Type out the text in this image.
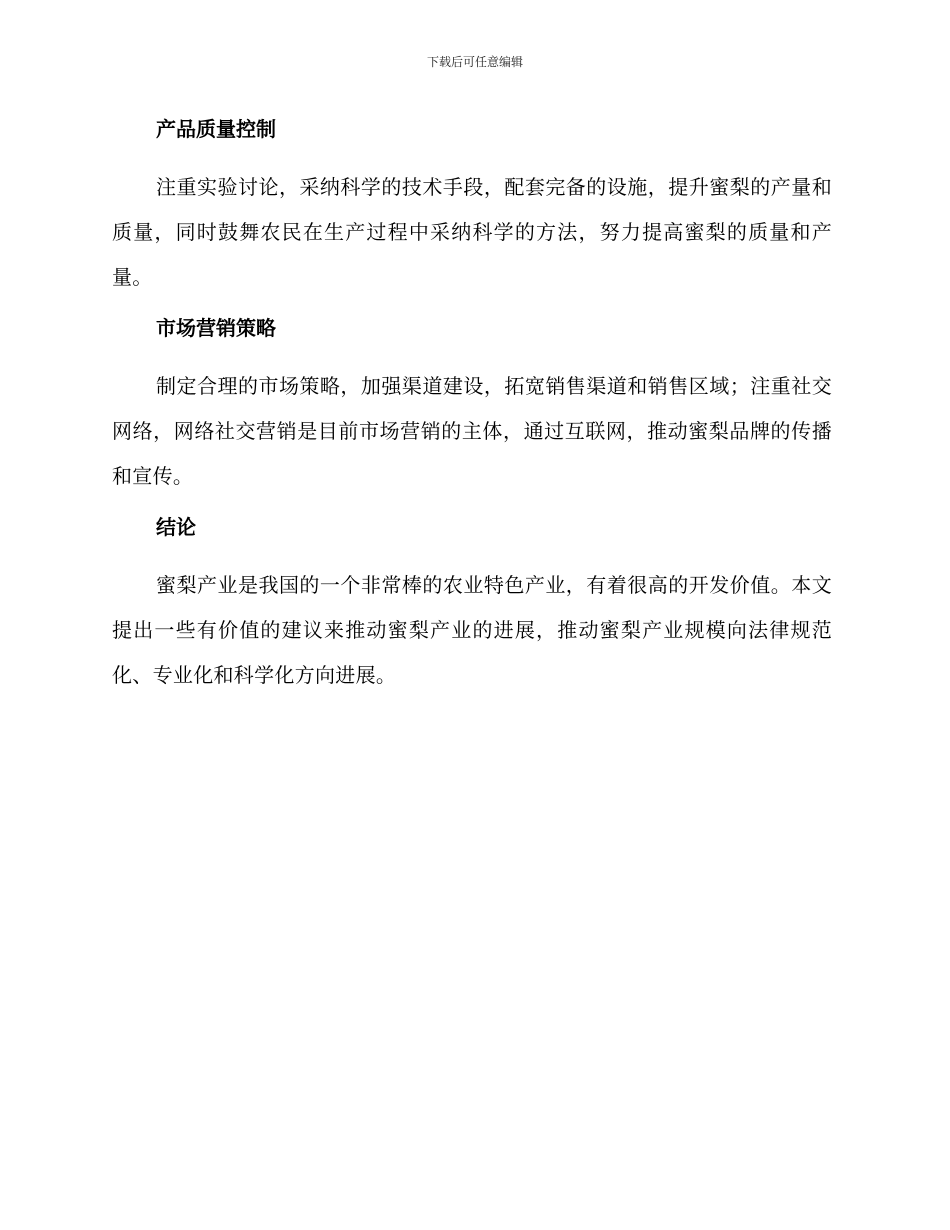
下载后可任意编辑
产品质量控制

注重实验讨论，采纳科学的技术手段，配套完备的设施，提升蜜梨的产量和质量，同时鼓舞农民在生产过程中采纳科学的方法，努力提高蜜梨的质量和产量。

市场营销策略

制定合理的市场策略，加强渠道建设，拓宽销售渠道和销售区域；注重社交网络，网络社交营销是目前市场营销的主体，通过互联网，推动蜜梨品牌的传播和宣传。

结论

蜜梨产业是我国的一个非常棒的农业特色产业，有着很高的开发价值。本文提出一些有价值的建议来推动蜜梨产业的进展，推动蜜梨产业规模向法律规范化、专业化和科学化方向进展。
